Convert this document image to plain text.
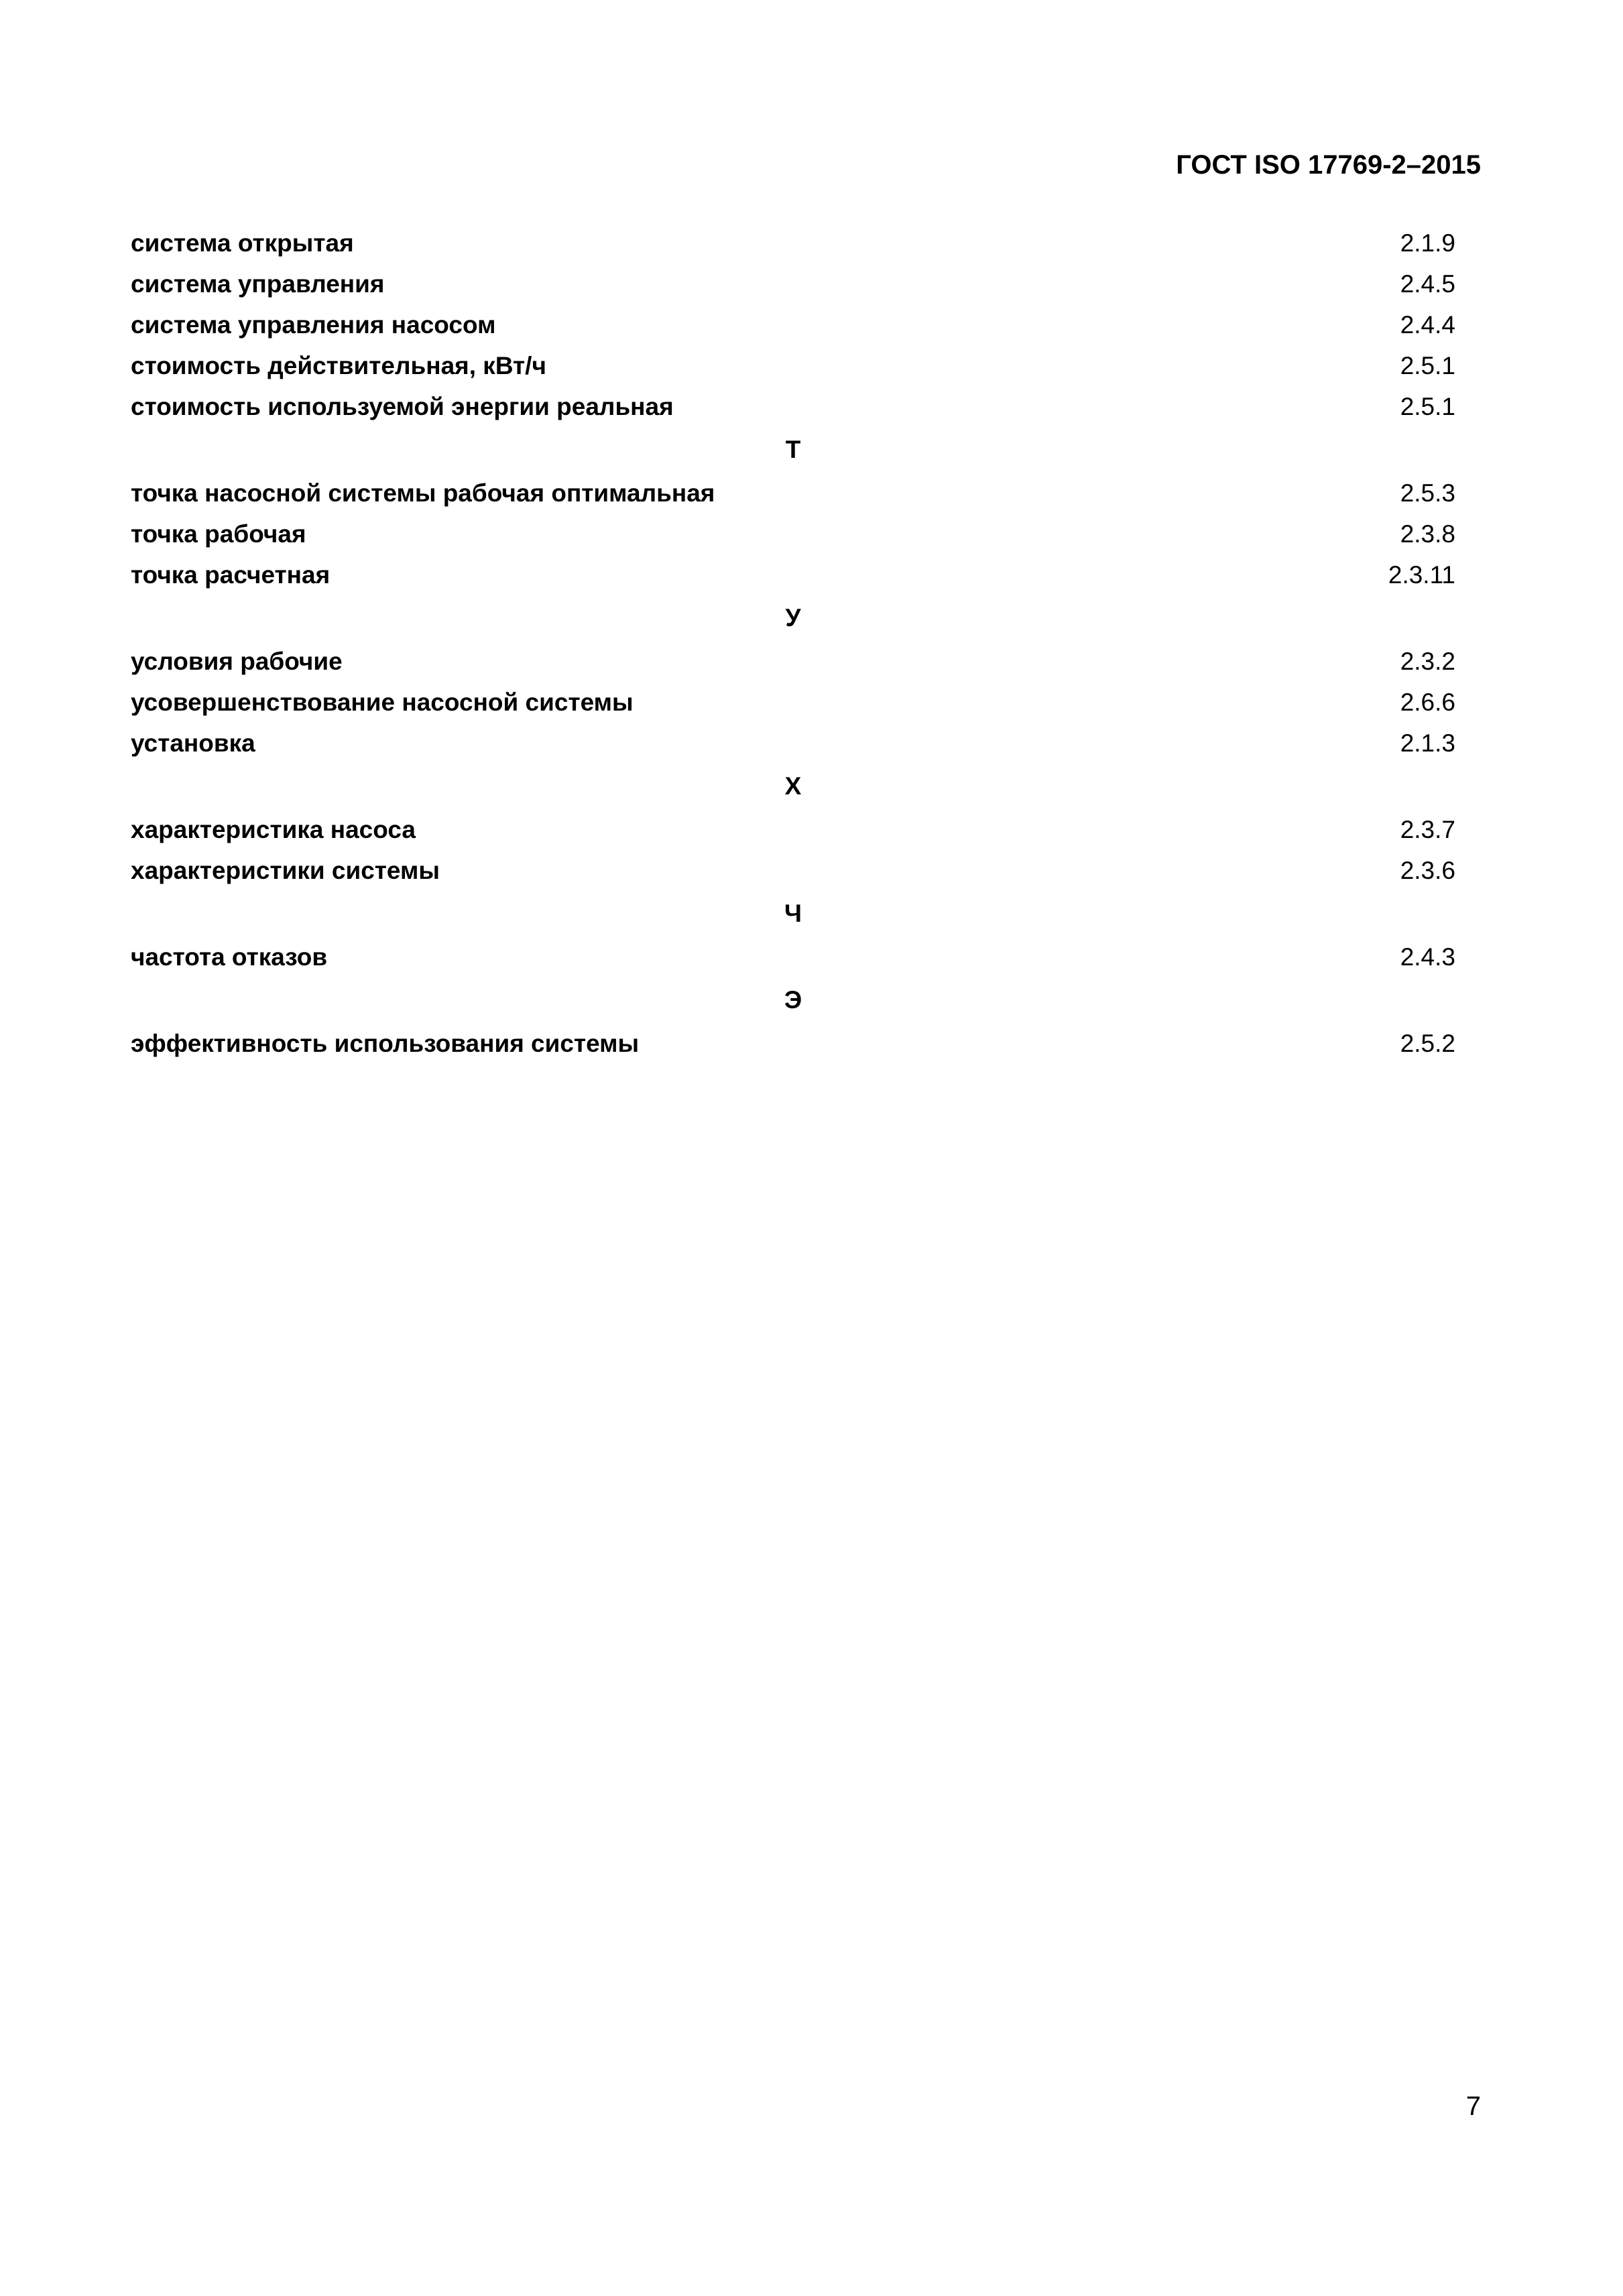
ГОСТ ISO 17769-2–2015
система открытая	2.1.9
система управления	2.4.5
система управления насосом	2.4.4
стоимость действительная, кВт/ч	2.5.1
стоимость используемой энергии реальная	2.5.1
Т
точка насосной системы рабочая оптимальная	2.5.3
точка рабочая	2.3.8
точка расчетная	2.3.11
У
условия рабочие	2.3.2
усовершенствование насосной системы	2.6.6
установка	2.1.3
Х
характеристика насоса	2.3.7
характеристики системы	2.3.6
Ч
частота отказов	2.4.3
Э
эффективность использования системы	2.5.2
7
